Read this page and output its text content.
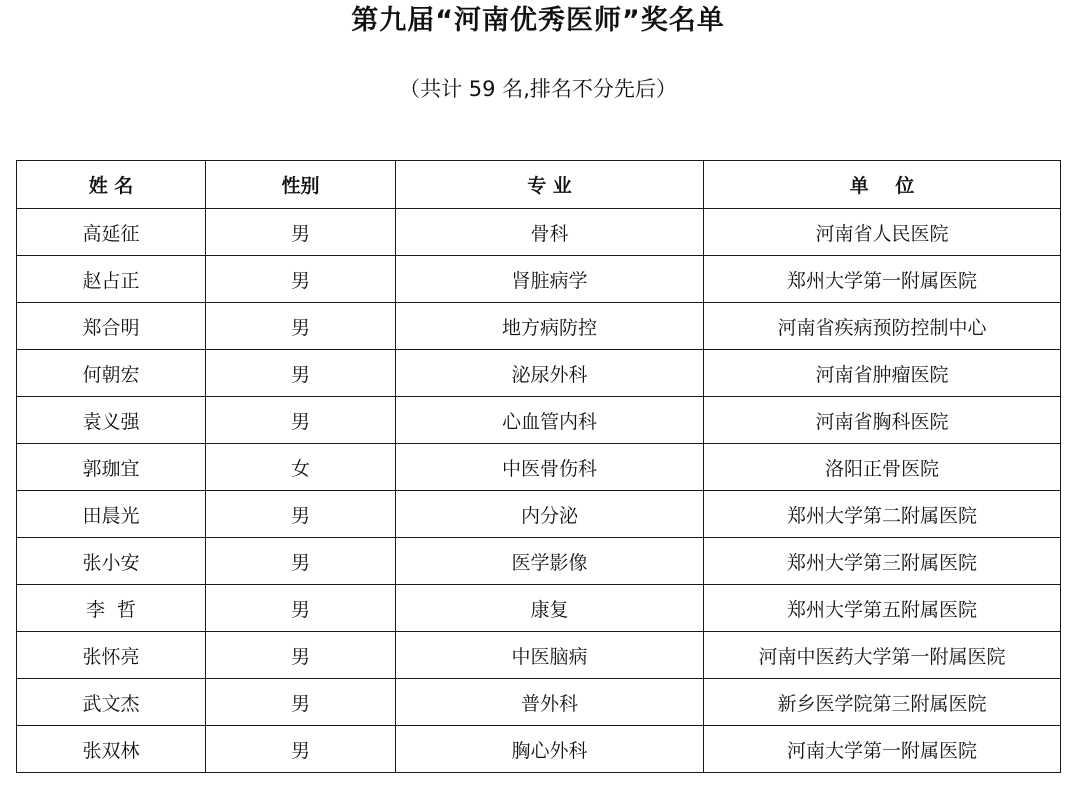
第九届“河南优秀医师”奖名单

（共计 59 名,排名不分先后）

姓 名	性别	专 业	单    位
高延征	男	骨科	河南省人民医院
赵占正	男	肾脏病学	郑州大学第一附属医院
郑合明	男	地方病防控	河南省疾病预防控制中心
何朝宏	男	泌尿外科	河南省肿瘤医院
袁义强	男	心血管内科	河南省胸科医院
郭珈宜	女	中医骨伤科	洛阳正骨医院
田晨光	男	内分泌	郑州大学第二附属医院
张小安	男	医学影像	郑州大学第三附属医院
李  哲	男	康复	郑州大学第五附属医院
张怀亮	男	中医脑病	河南中医药大学第一附属医院
武文杰	男	普外科	新乡医学院第三附属医院
张双林	男	胸心外科	河南大学第一附属医院
